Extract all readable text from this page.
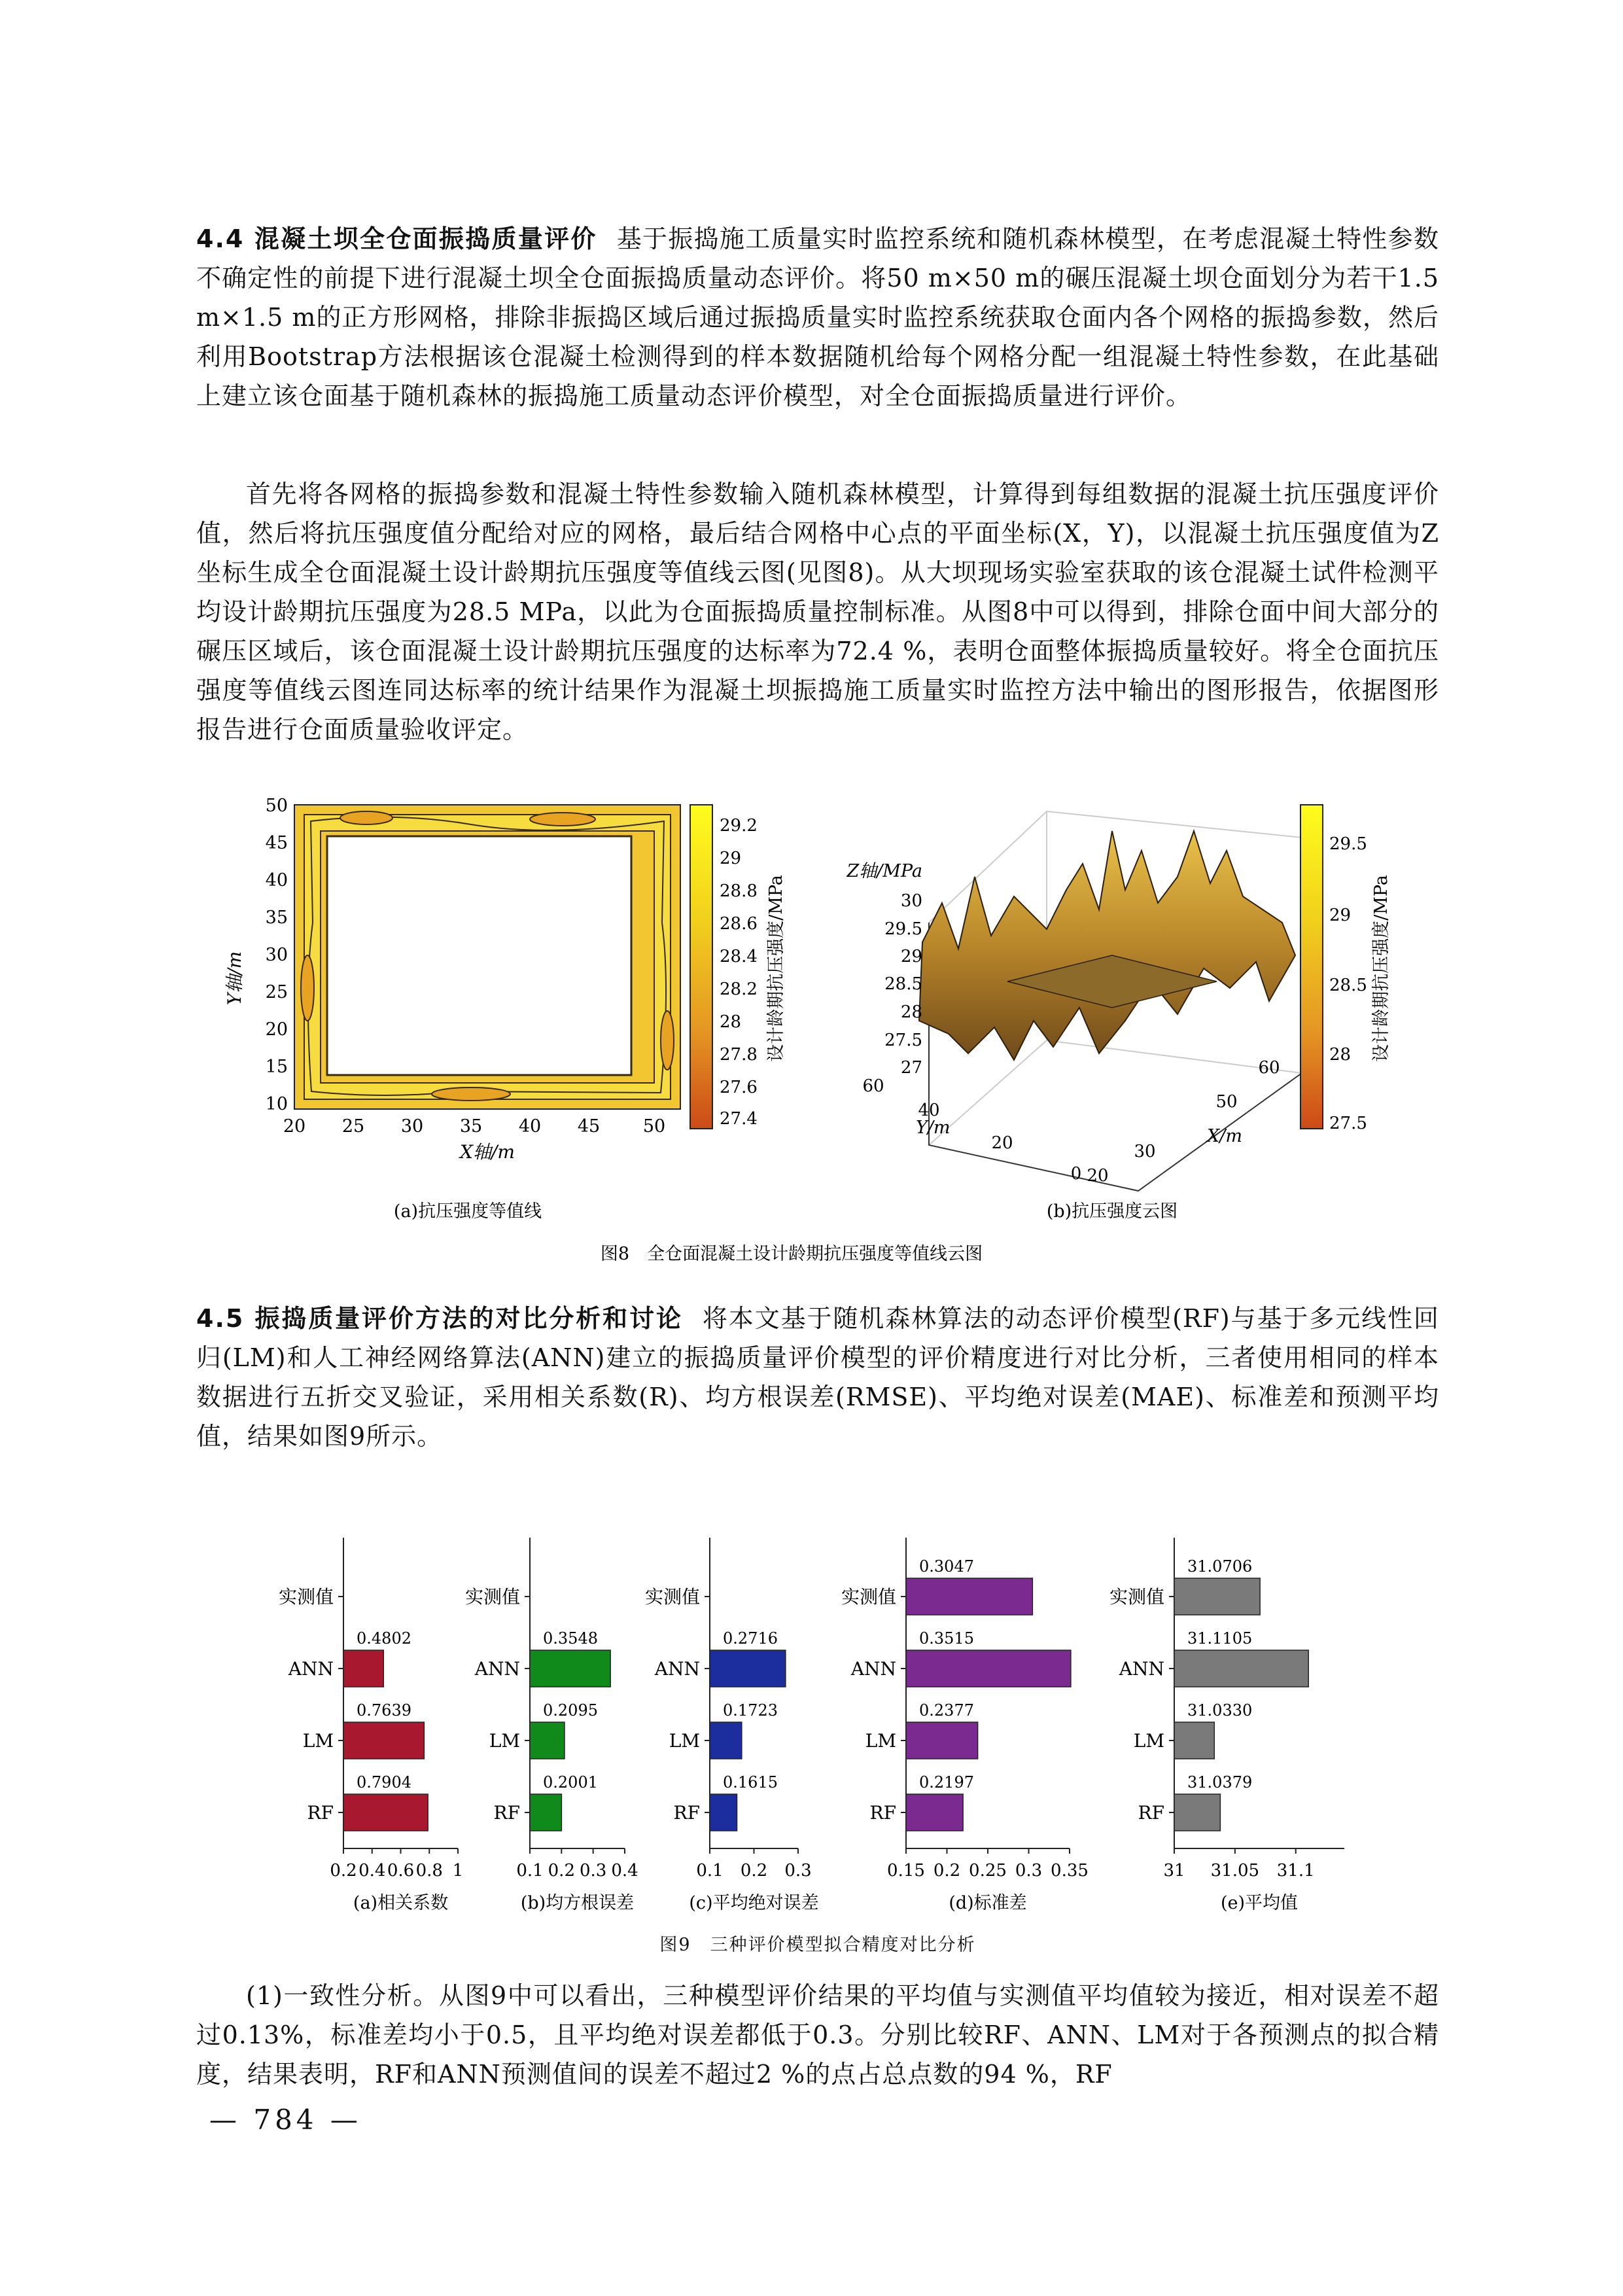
4.4 混凝土坝全仓面振捣质量评价 基于振捣施工质量实时监控系统和随机森林模型，在考虑混凝土特性参数不确定性的前提下进行混凝土坝全仓面振捣质量动态评价。将50 m×50 m的碾压混凝土坝仓面划分为若干1.5 m×1.5 m的正方形网格，排除非振捣区域后通过振捣质量实时监控系统获取仓面内各个网格的振捣参数，然后利用Bootstrap方法根据该仓混凝土检测得到的样本数据随机给每个网格分配一组混凝土特性参数，在此基础上建立该仓面基于随机森林的振捣施工质量动态评价模型，对全仓面振捣质量进行评价。

首先将各网格的振捣参数和混凝土特性参数输入随机森林模型，计算得到每组数据的混凝土抗压强度评价值，然后将抗压强度值分配给对应的网格，最后结合网格中心点的平面坐标(X，Y)，以混凝土抗压强度值为Z坐标生成全仓面混凝土设计龄期抗压强度等值线云图(见图8)。从大坝现场实验室获取的该仓混凝土试件检测平均设计龄期抗压强度为28.5 MPa，以此为仓面振捣质量控制标准。从图8中可以得到，排除仓面中间大部分的碾压区域后，该仓面混凝土设计龄期抗压强度的达标率为72.4 %，表明仓面整体振捣质量较好。将全仓面抗压强度等值线云图连同达标率的统计结果作为混凝土坝振捣施工质量实时监控方法中输出的图形报告，依据图形报告进行仓面质量验收评定。

Y轴/m
50
45
40
35
30
25
20
15
10
20 25 30 35 40 45 50
X轴/m
29.2
29
28.8
28.6
28.4
28.2
28
27.8
27.6
27.4
设计龄期抗压强度/MPa
(a)抗压强度等值线
Z轴/MPa
30
29.5
29
28.5
28
27.5
27
60
40
20
0
Y/m
60
50
30
20
X/m
29.5
29
28.5
28
27.5
设计龄期抗压强度/MPa
(b)抗压强度云图
图8　全仓面混凝土设计龄期抗压强度等值线云图

4.5 振捣质量评价方法的对比分析和讨论 将本文基于随机森林算法的动态评价模型(RF)与基于多元线性回归(LM)和人工神经网络算法(ANN)建立的振捣质量评价模型的评价精度进行对比分析，三者使用相同的样本数据进行五折交叉验证，采用相关系数(R)、均方根误差(RMSE)、平均绝对误差(MAE)、标准差和预测平均值，结果如图9所示。

RF
0.7904
LM
0.7639
ANN
0.4802
实测值
0.2 0.4 0.6 0.8 1
(a)相关系数
RF
0.2001
LM
0.2095
ANN
0.3548
实测值
0.1 0.2 0.3 0.4
(b)均方根误差
RF
0.1615
LM
0.1723
ANN
0.2716
实测值
0.1 0.2 0.3
(c)平均绝对误差
RF
0.2197
LM
0.2377
ANN
0.3515
实测值
0.3047
0.15 0.2 0.25 0.3 0.35
(d)标准差
RF
31.0379
LM
31.0330
ANN
31.1105
实测值
31.0706
31 31.05 31.1
(e)平均值
图9　三种评价模型拟合精度对比分析

(1)一致性分析。从图9中可以看出，三种模型评价结果的平均值与实测值平均值较为接近，相对误差不超过0.13%，标准差均小于0.5，且平均绝对误差都低于0.3。分别比较RF、ANN、LM对于各预测点的拟合精度，结果表明，RF和ANN预测值间的误差不超过2 %的点占总点数的94 %，RF

— 784 —
